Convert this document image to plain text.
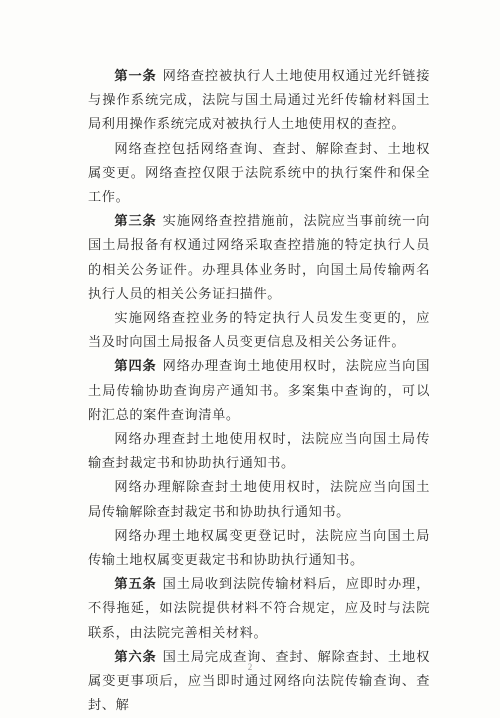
第一条 网络查控被执行人土地使用权通过光纤链接与操作系统完成，法院与国土局通过光纤传输材料国土局利用操作系统完成对被执行人土地使用权的查控。

网络查控包括网络查询、查封、解除查封、土地权属变更。网络查控仅限于法院系统中的执行案件和保全工作。

第三条 实施网络查控措施前，法院应当事前统一向国土局报备有权通过网络采取查控措施的特定执行人员的相关公务证件。办理具体业务时，向国土局传输两名执行人员的相关公务证扫描件。

实施网络查控业务的特定执行人员发生变更的，应当及时向国土局报备人员变更信息及相关公务证件。

第四条 网络办理查询土地使用权时，法院应当向国土局传输协助查询房产通知书。多案集中查询的，可以附汇总的案件查询清单。

网络办理查封土地使用权时，法院应当向国土局传输查封裁定书和协助执行通知书。

网络办理解除查封土地使用权时，法院应当向国土局传输解除查封裁定书和协助执行通知书。

网络办理土地权属变更登记时，法院应当向国土局传输土地权属变更裁定书和协助执行通知书。

第五条 国土局收到法院传输材料后，应即时办理，不得拖延，如法院提供材料不符合规定，应及时与法院联系，由法院完善相关材料。

第六条 国土局完成查询、查封、解除查封、土地权属变更事项后，应当即时通过网络向法院传输查询、查封、解

2
